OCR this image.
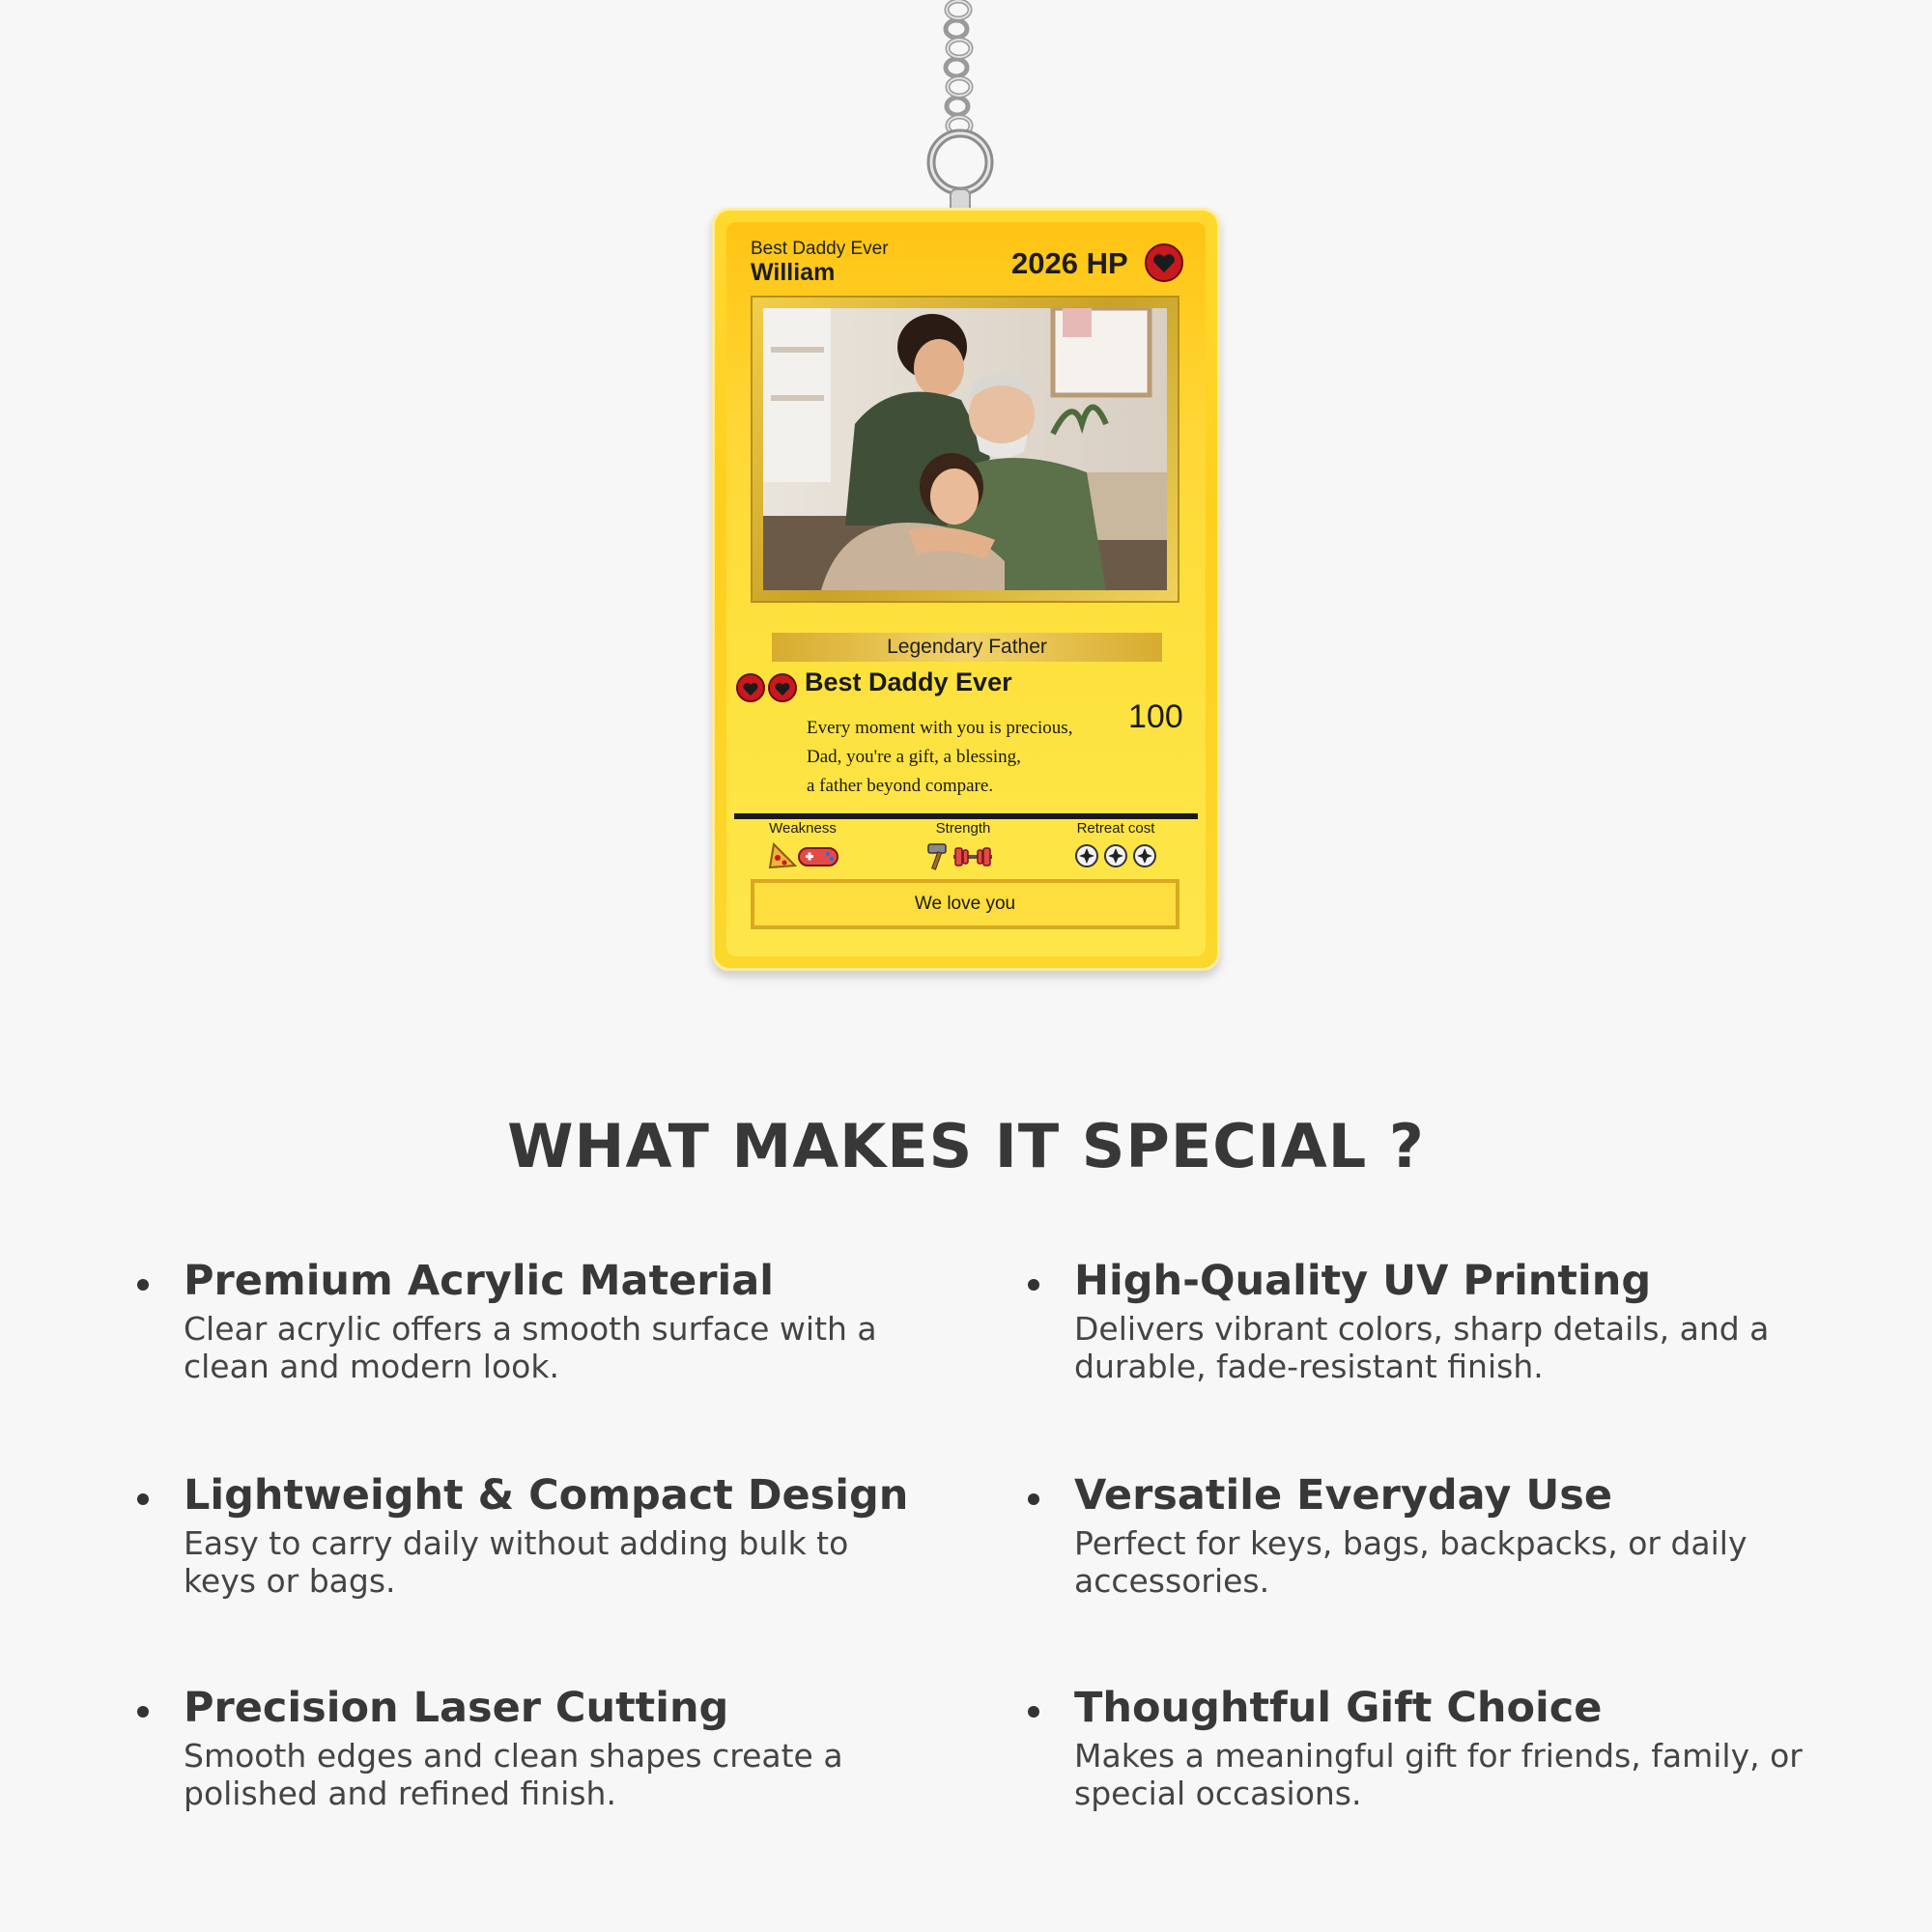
Best Daddy Ever
William	2026 HP
Legendary Father
Best Daddy Ever
100
Every moment with you is precious,
Dad, you're a gift, a blessing,
a father beyond compare.
Weakness	Strength	Retreat cost
We love you
WHAT MAKES IT SPECIAL ?
Premium Acrylic Material
Clear acrylic offers a smooth surface with a clean and modern look.
High-Quality UV Printing
Delivers vibrant colors, sharp details, and a durable, fade-resistant finish.
Lightweight & Compact Design
Easy to carry daily without adding bulk to keys or bags.
Versatile Everyday Use
Perfect for keys, bags, backpacks, or daily accessories.
Precision Laser Cutting
Smooth edges and clean shapes create a polished and refined finish.
Thoughtful Gift Choice
Makes a meaningful gift for friends, family, or special occasions.
